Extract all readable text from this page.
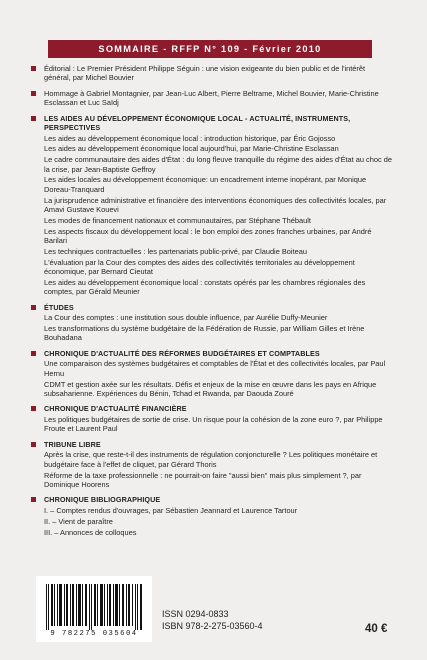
SOMMAIRE - RFFP N° 109 - Février 2010
Éditorial : Le Premier Président Philippe Séguin : une vision exigeante du bien public et de l'intérêt général, par Michel Bouvier
Hommage à Gabriel Montagnier, par Jean-Luc Albert, Pierre Beltrame, Michel Bouvier, Marie-Christine Esclassan et Luc Saïdj
LES AIDES AU DÉVELOPPEMENT ÉCONOMIQUE LOCAL - ACTUALITÉ, INSTRUMENTS, PERSPECTIVES
Les aides au développement économique local : introduction historique, par Éric Gojosso
Les aides au développement économique local aujourd'hui, par Marie-Christine Esclassan
Le cadre communautaire des aides d'État : du long fleuve tranquille du régime des aides d'État au choc de la crise, par Jean-Baptiste Geffroy
Les aides locales au développement économique: un encadrement interne inopérant, par Monique Doreau-Tranquard
La jurisprudence administrative et financière des interventions économiques des collectivités locales, par Amavi Gustave Kouevi
Les modes de financement nationaux et communautaires, par Stéphane Thébault
Les aspects fiscaux du développement local : le bon emploi des zones franches urbaines, par André Barilari
Les techniques contractuelles : les partenariats public-privé, par Claudie Boiteau
L'évaluation par la Cour des comptes des aides des collectivités territoriales au développement économique, par Bernard Cieutat
Les aides au développement économique local : constats opérés par les chambres régionales des comptes, par Gérald Meunier
ÉTUDES
La Cour des comptes : une institution sous double influence, par Aurélie Duffy-Meunier
Les transformations du système budgétaire de la Fédération de Russie, par William Gilles et Irène Bouhadana
CHRONIQUE D'ACTUALITÉ DES RÉFORMES BUDGÉTAIRES ET COMPTABLES
Une comparaison des systèmes budgétaires et comptables de l'État et des collectivités locales, par Paul Hernu
CDMT et gestion axée sur les résultats. Défis et enjeux de la mise en œuvre dans les pays en Afrique subsaharienne. Expériences du Bénin, Tchad et Rwanda, par Daouda Zouré
CHRONIQUE D'ACTUALITÉ FINANCIÈRE
Les politiques budgétaires de sortie de crise. Un risque pour la cohésion de la zone euro ?, par Philippe Froute et Laurent Paul
TRIBUNE LIBRE
Après la crise, que reste-t-il des instruments de régulation conjoncturelle ? Les politiques monétaire et budgétaire face à l'effet de cliquet, par Gérard Thoris
Réforme de la taxe professionnelle : ne pourrait-on faire "aussi bien" mais plus simplement ?, par Dominique Hoorens
CHRONIQUE BIBLIOGRAPHIQUE
I. – Comptes rendus d'ouvrages, par Sébastien Jeannard et Laurence Tartour
II. – Vient de paraître
III. – Annonces de colloques
9 782275 035604
ISSN 0294-0833
ISBN 978-2-275-03560-4	40 €
